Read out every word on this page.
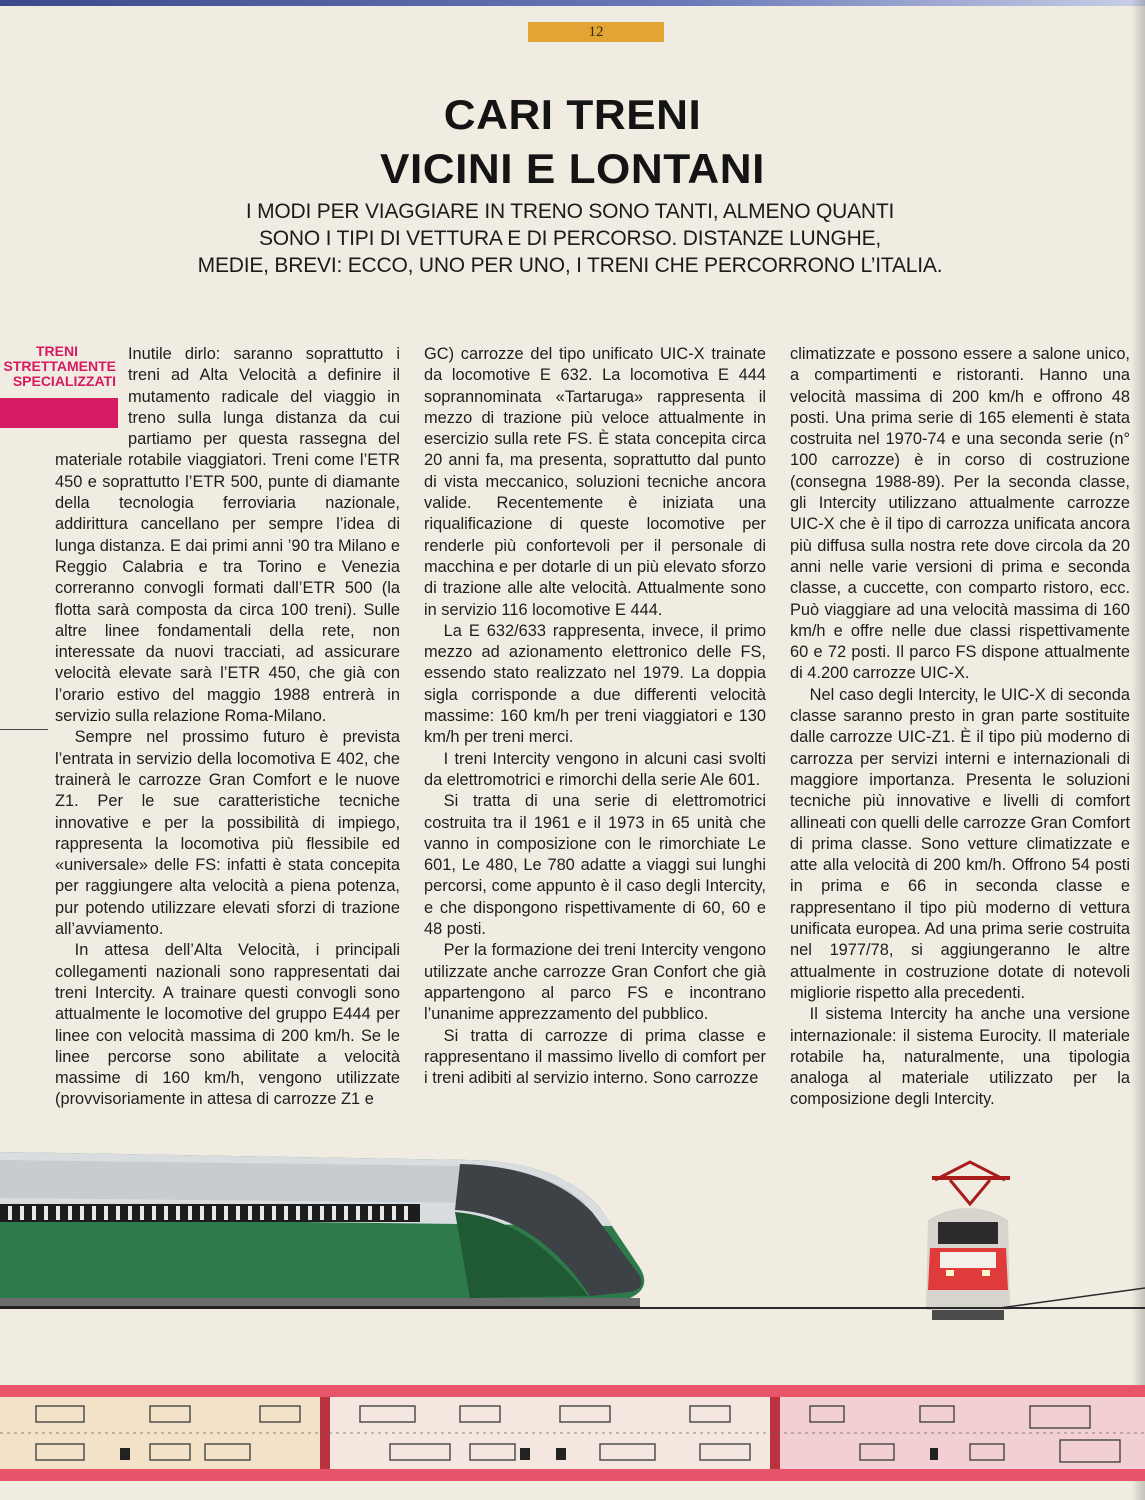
12
CARI TRENI
VICINI E LONTANI
I MODI PER VIAGGIARE IN TRENO SONO TANTI, ALMENO QUANTI
SONO I TIPI DI VETTURA E DI PERCORSO. DISTANZE LUNGHE,
MEDIE, BREVI: ECCO, UNO PER UNO, I TRENI CHE PERCORRONO L’ITALIA.
TRENI
STRETTAMENTE
SPECIALIZZATI

Inutile dirlo: saranno soprattutto i treni ad Alta Velocità a definire il mutamento radicale del viaggio in treno sulla lunga distanza da cui partiamo per questa rassegna del materiale rotabile viaggiatori. Treni come l’ETR 450 e soprattutto l’ETR 500, punte di diamante della tecnologia ferroviaria nazionale, addirittura cancellano per sempre l’idea di lunga distanza. E dai primi anni ’90 tra Milano e Reggio Calabria e tra Torino e Venezia correranno convogli formati dall’ETR 500 (la flotta sarà composta da circa 100 treni). Sulle altre linee fondamentali della rete, non interessate da nuovi tracciati, ad assicurare velocità elevate sarà l’ETR 450, che già con l’orario estivo del maggio 1988 entrerà in servizio sulla relazione Roma-Milano.

Sempre nel prossimo futuro è prevista l’entrata in servizio della locomotiva E 402, che trainerà le carrozze Gran Comfort e le nuove Z1. Per le sue caratteristiche tecniche innovative e per la possibilità di impiego, rappresenta la locomotiva più flessibile ed «universale» delle FS: infatti è stata concepita per raggiungere alta velocità a piena potenza, pur potendo utilizzare elevati sforzi di trazione all’avviamento.

In attesa dell’Alta Velocità, i principali collegamenti nazionali sono rappresentati dai treni Intercity. A trainare questi convogli sono attualmente le locomotive del gruppo E444 per linee con velocità massima di 200 km/h. Se le linee percorse sono abilitate a velocità massime di 160 km/h, vengono utilizzate (provvisoriamente in attesa di carrozze Z1 e

GC) carrozze del tipo unificato UIC-X trainate da locomotive E 632. La locomotiva E 444 soprannominata «Tartaruga» rappresenta il mezzo di trazione più veloce attualmente in esercizio sulla rete FS. È stata concepita circa 20 anni fa, ma presenta, soprattutto dal punto di vista meccanico, soluzioni tecniche ancora valide. Recentemente è iniziata una riqualificazione di queste locomotive per renderle più confortevoli per il personale di macchina e per dotarle di un più elevato sforzo di trazione alle alte velocità. Attualmente sono in servizio 116 locomotive E 444.

La E 632/633 rappresenta, invece, il primo mezzo ad azionamento elettronico delle FS, essendo stato realizzato nel 1979. La doppia sigla corrisponde a due differenti velocità massime: 160 km/h per treni viaggiatori e 130 km/h per treni merci.

I treni Intercity vengono in alcuni casi svolti da elettromotrici e rimorchi della serie Ale 601.

Si tratta di una serie di elettromotrici costruita tra il 1961 e il 1973 in 65 unità che vanno in composizione con le rimorchiate Le 601, Le 480, Le 780 adatte a viaggi sui lunghi percorsi, come appunto è il caso degli Intercity, e che dispongono rispettivamente di 60, 60 e 48 posti.

Per la formazione dei treni Intercity vengono utilizzate anche carrozze Gran Confort che già appartengono al parco FS e incontrano l’unanime apprezzamento del pubblico.

Si tratta di carrozze di prima classe e rappresentano il massimo livello di comfort per i treni adibiti al servizio interno. Sono carrozze

climatizzate e possono essere a salone unico, a compartimenti e ristoranti. Hanno una velocità massima di 200 km/h e offrono 48 posti. Una prima serie di 165 elementi è stata costruita nel 1970-74 e una seconda serie (n° 100 carrozze) è in corso di costruzione (consegna 1988-89). Per la seconda classe, gli Intercity utilizzano attualmente carrozze UIC-X che è il tipo di carrozza unificata ancora più diffusa sulla nostra rete dove circola da 20 anni nelle varie versioni di prima e seconda classe, a cuccette, con comparto ristoro, ecc. Può viaggiare ad una velocità massima di 160 km/h e offre nelle due classi rispettivamente 60 e 72 posti. Il parco FS dispone attualmente di 4.200 carrozze UIC-X.

Nel caso degli Intercity, le UIC-X di seconda classe saranno presto in gran parte sostituite dalle carrozze UIC-Z1. È il tipo più moderno di carrozza per servizi interni e internazionali di maggiore importanza. Presenta le soluzioni tecniche più innovative e livelli di comfort allineati con quelli delle carrozze Gran Comfort di prima classe. Sono vetture climatizzate e atte alla velocità di 200 km/h. Offrono 54 posti in prima e 66 in seconda classe e rappresentano il tipo più moderno di vettura unificata europea. Ad una prima serie costruita nel 1977/78, si aggiungeranno le altre attualmente in costruzione dotate di notevoli migliorie rispetto alla precedenti.

Il sistema Intercity ha anche una versione internazionale: il sistema Eurocity. Il materiale rotabile ha, naturalmente, una tipologia analoga al materiale utilizzato per la composizione degli Intercity.
